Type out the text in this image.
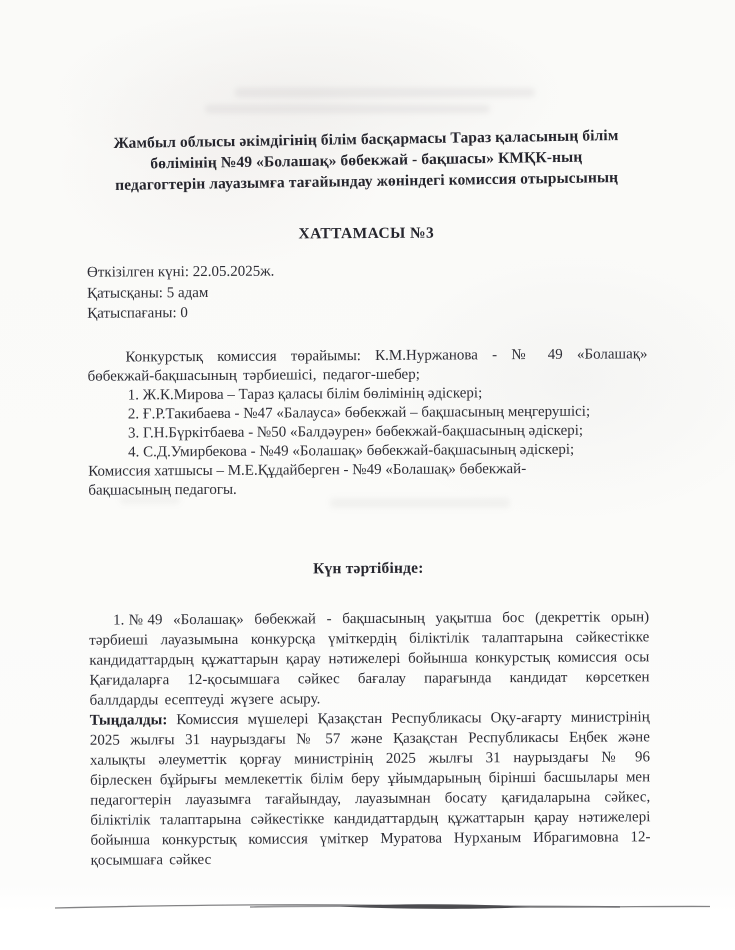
Жамбыл облысы әкімдігінің білім басқармасы Тараз қаласының білім
бөлімінің №49 «Болашақ» бөбекжай - бақшасы» КМҚК-ның
педагогтерін лауазымға тағайындау жөніндегі комиссия отырысының
ХАТТАМАСЫ №3
Өткізілген күні: 22.05.2025ж.
Қатысқаны: 5 адам
Қатыспағаны: 0
Конкурстық комиссия төрайымы: К.М.Нуржанова - № 49 «Болашақ» бөбекжай-бақшасының тәрбиешісі, педагог-шебер;
1. Ж.К.Мирова – Тараз қаласы білім бөлімінің әдіскері;
2. Ғ.Р.Такибаева - №47 «Балауса» бөбекжай – бақшасының меңгерушісі;
3. Г.Н.Бүркітбаева - №50 «Балдәурен» бөбекжай-бақшасының әдіскері;
4. С.Д.Умирбекова - №49 «Болашақ» бөбекжай-бақшасының әдіскері;
Комиссия хатшысы – М.Е.Құдайберген - №49 «Болашақ» бөбекжай-бақшасының педагогы.
Күн тәртібінде:
1.№49 «Болашақ» бөбекжай - бақшасының уақытша бос (декреттік орын) тәрбиеші лауазымына конкурсқа үміткердің біліктілік талаптарына сәйкестікке кандидаттардың құжаттарын қарау нәтижелері бойынша конкурстық комиссия осы Қағидаларға 12-қосымшаға сәйкес бағалау парағында кандидат көрсеткен баллдарды есептеуді жүзеге асыру.
Тыңдалды: Комиссия мүшелері Қазақстан Республикасы Оқу-ағарту министрінің 2025 жылғы 31 наурыздағы № 57 және Қазақстан Республикасы Еңбек және халықты әлеуметтік қорғау министрінің 2025 жылғы 31 наурыздағы № 96 бірлескен бұйрығы мемлекеттік білім беру ұйымдарының бірінші басшылары мен педагогтерін лауазымға тағайындау, лауазымнан босату қағидаларына сәйкес, біліктілік талаптарына сәйкестікке кандидаттардың құжаттарын қарау нәтижелері бойынша конкурстық комиссия үміткер Муратова Нурханым Ибрагимовна 12-қосымшаға сәйкес
